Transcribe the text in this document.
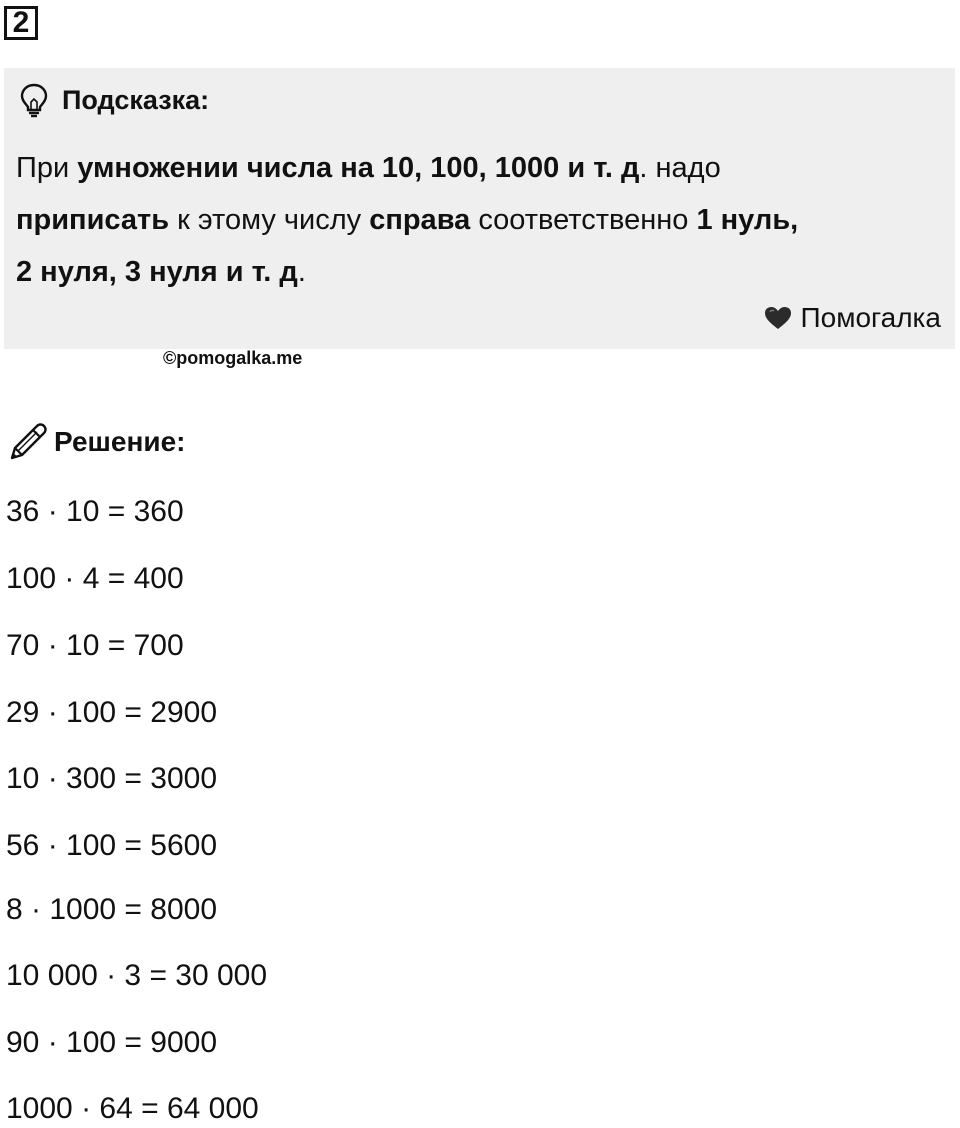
2
Подсказка:
При умножении числа на 10, 100, 1000 и т. д. надо
приписать к этому числу справа соответственно 1 нуль,
2 нуля, 3 нуля и т. д.
Помогалка
©pomogalka.me
Решение:
36 · 10 = 360
100 · 4 = 400
70 · 10 = 700
29 · 100 = 2900
10 · 300 = 3000
56 · 100 = 5600
8 · 1000 = 8000
10 000 · 3 = 30 000
90 · 100 = 9000
1000 · 64 = 64 000
